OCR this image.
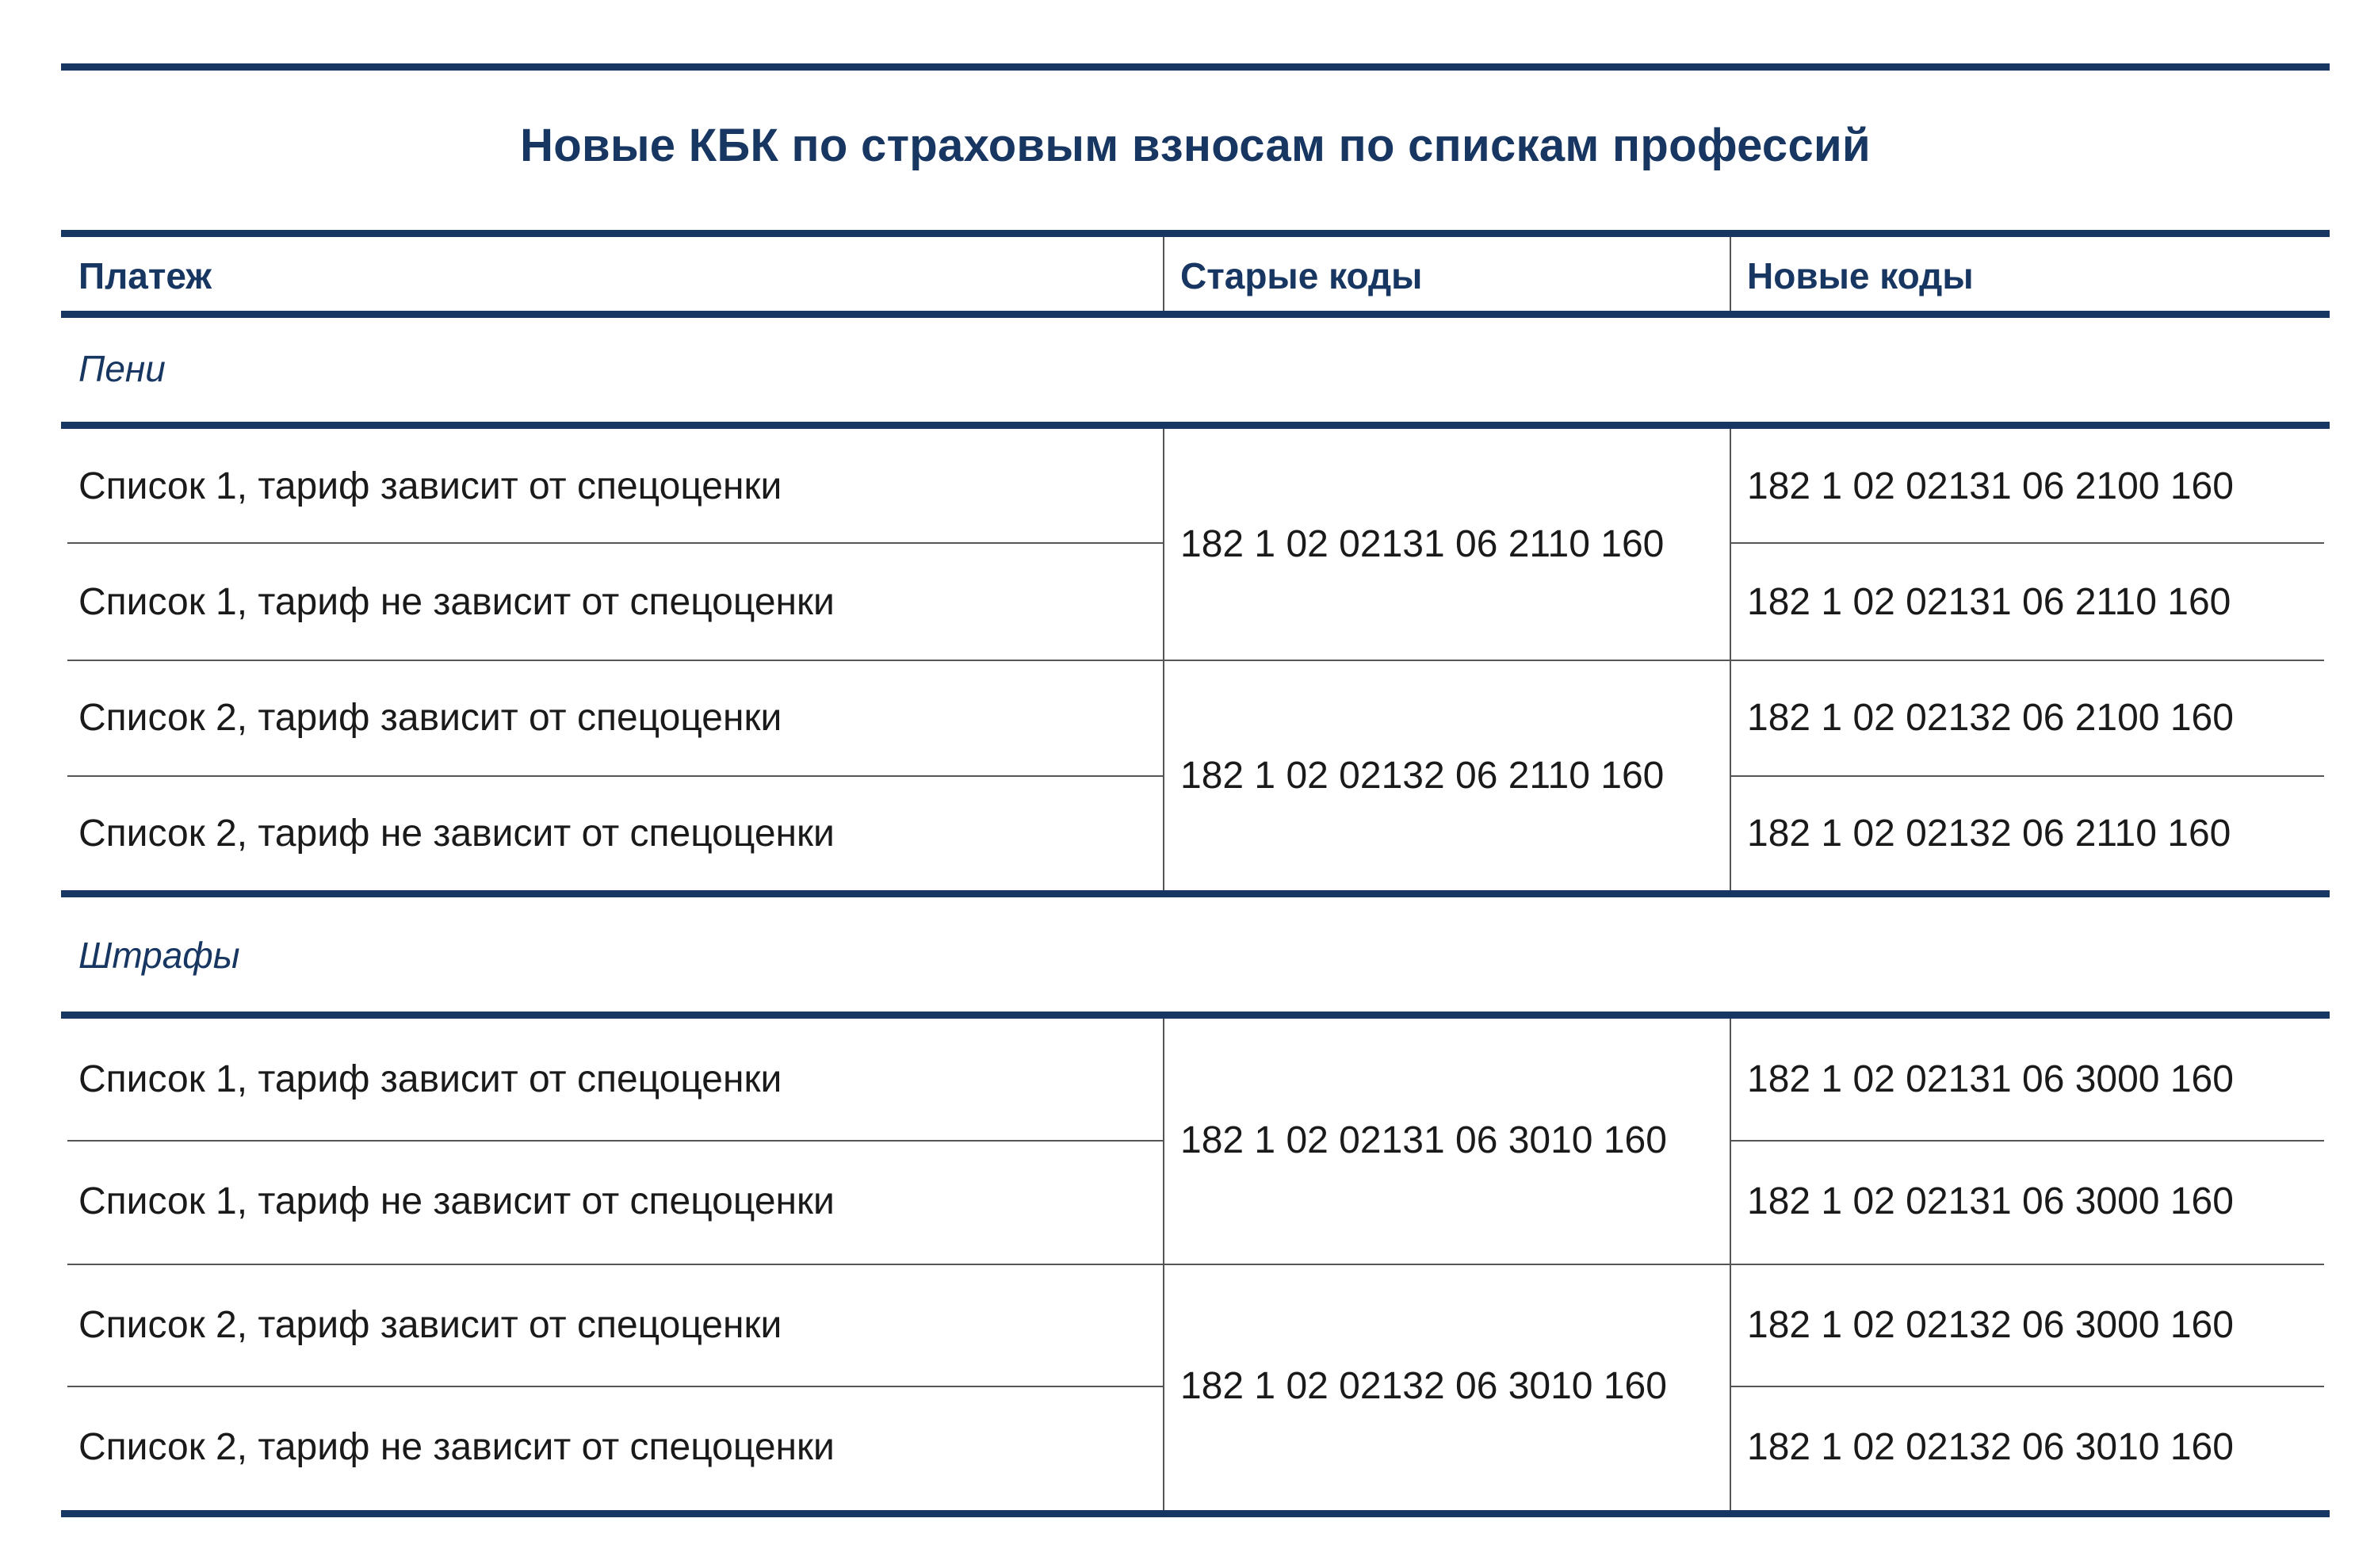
Новые КБК по страховым взносам по спискам профессий
Платеж	Старые коды	Новые коды
Пени
Список 1, тариф зависит от спецоценки
Список 1, тариф не зависит от спецоценки
182 1 02 02131 06 2110 160
182 1 02 02131 06 2100 160
182 1 02 02131 06 2110 160
Список 2, тариф зависит от спецоценки
Список 2, тариф не зависит от спецоценки
182 1 02 02132 06 2110 160
182 1 02 02132 06 2100 160
182 1 02 02132 06 2110 160
Штрафы
Список 1, тариф зависит от спецоценки
Список 1, тариф не зависит от спецоценки
182 1 02 02131 06 3010 160
182 1 02 02131 06 3000 160
182 1 02 02131 06 3000 160
Список 2, тариф зависит от спецоценки
Список 2, тариф не зависит от спецоценки
182 1 02 02132 06 3010 160
182 1 02 02132 06 3000 160
182 1 02 02132 06 3010 160
